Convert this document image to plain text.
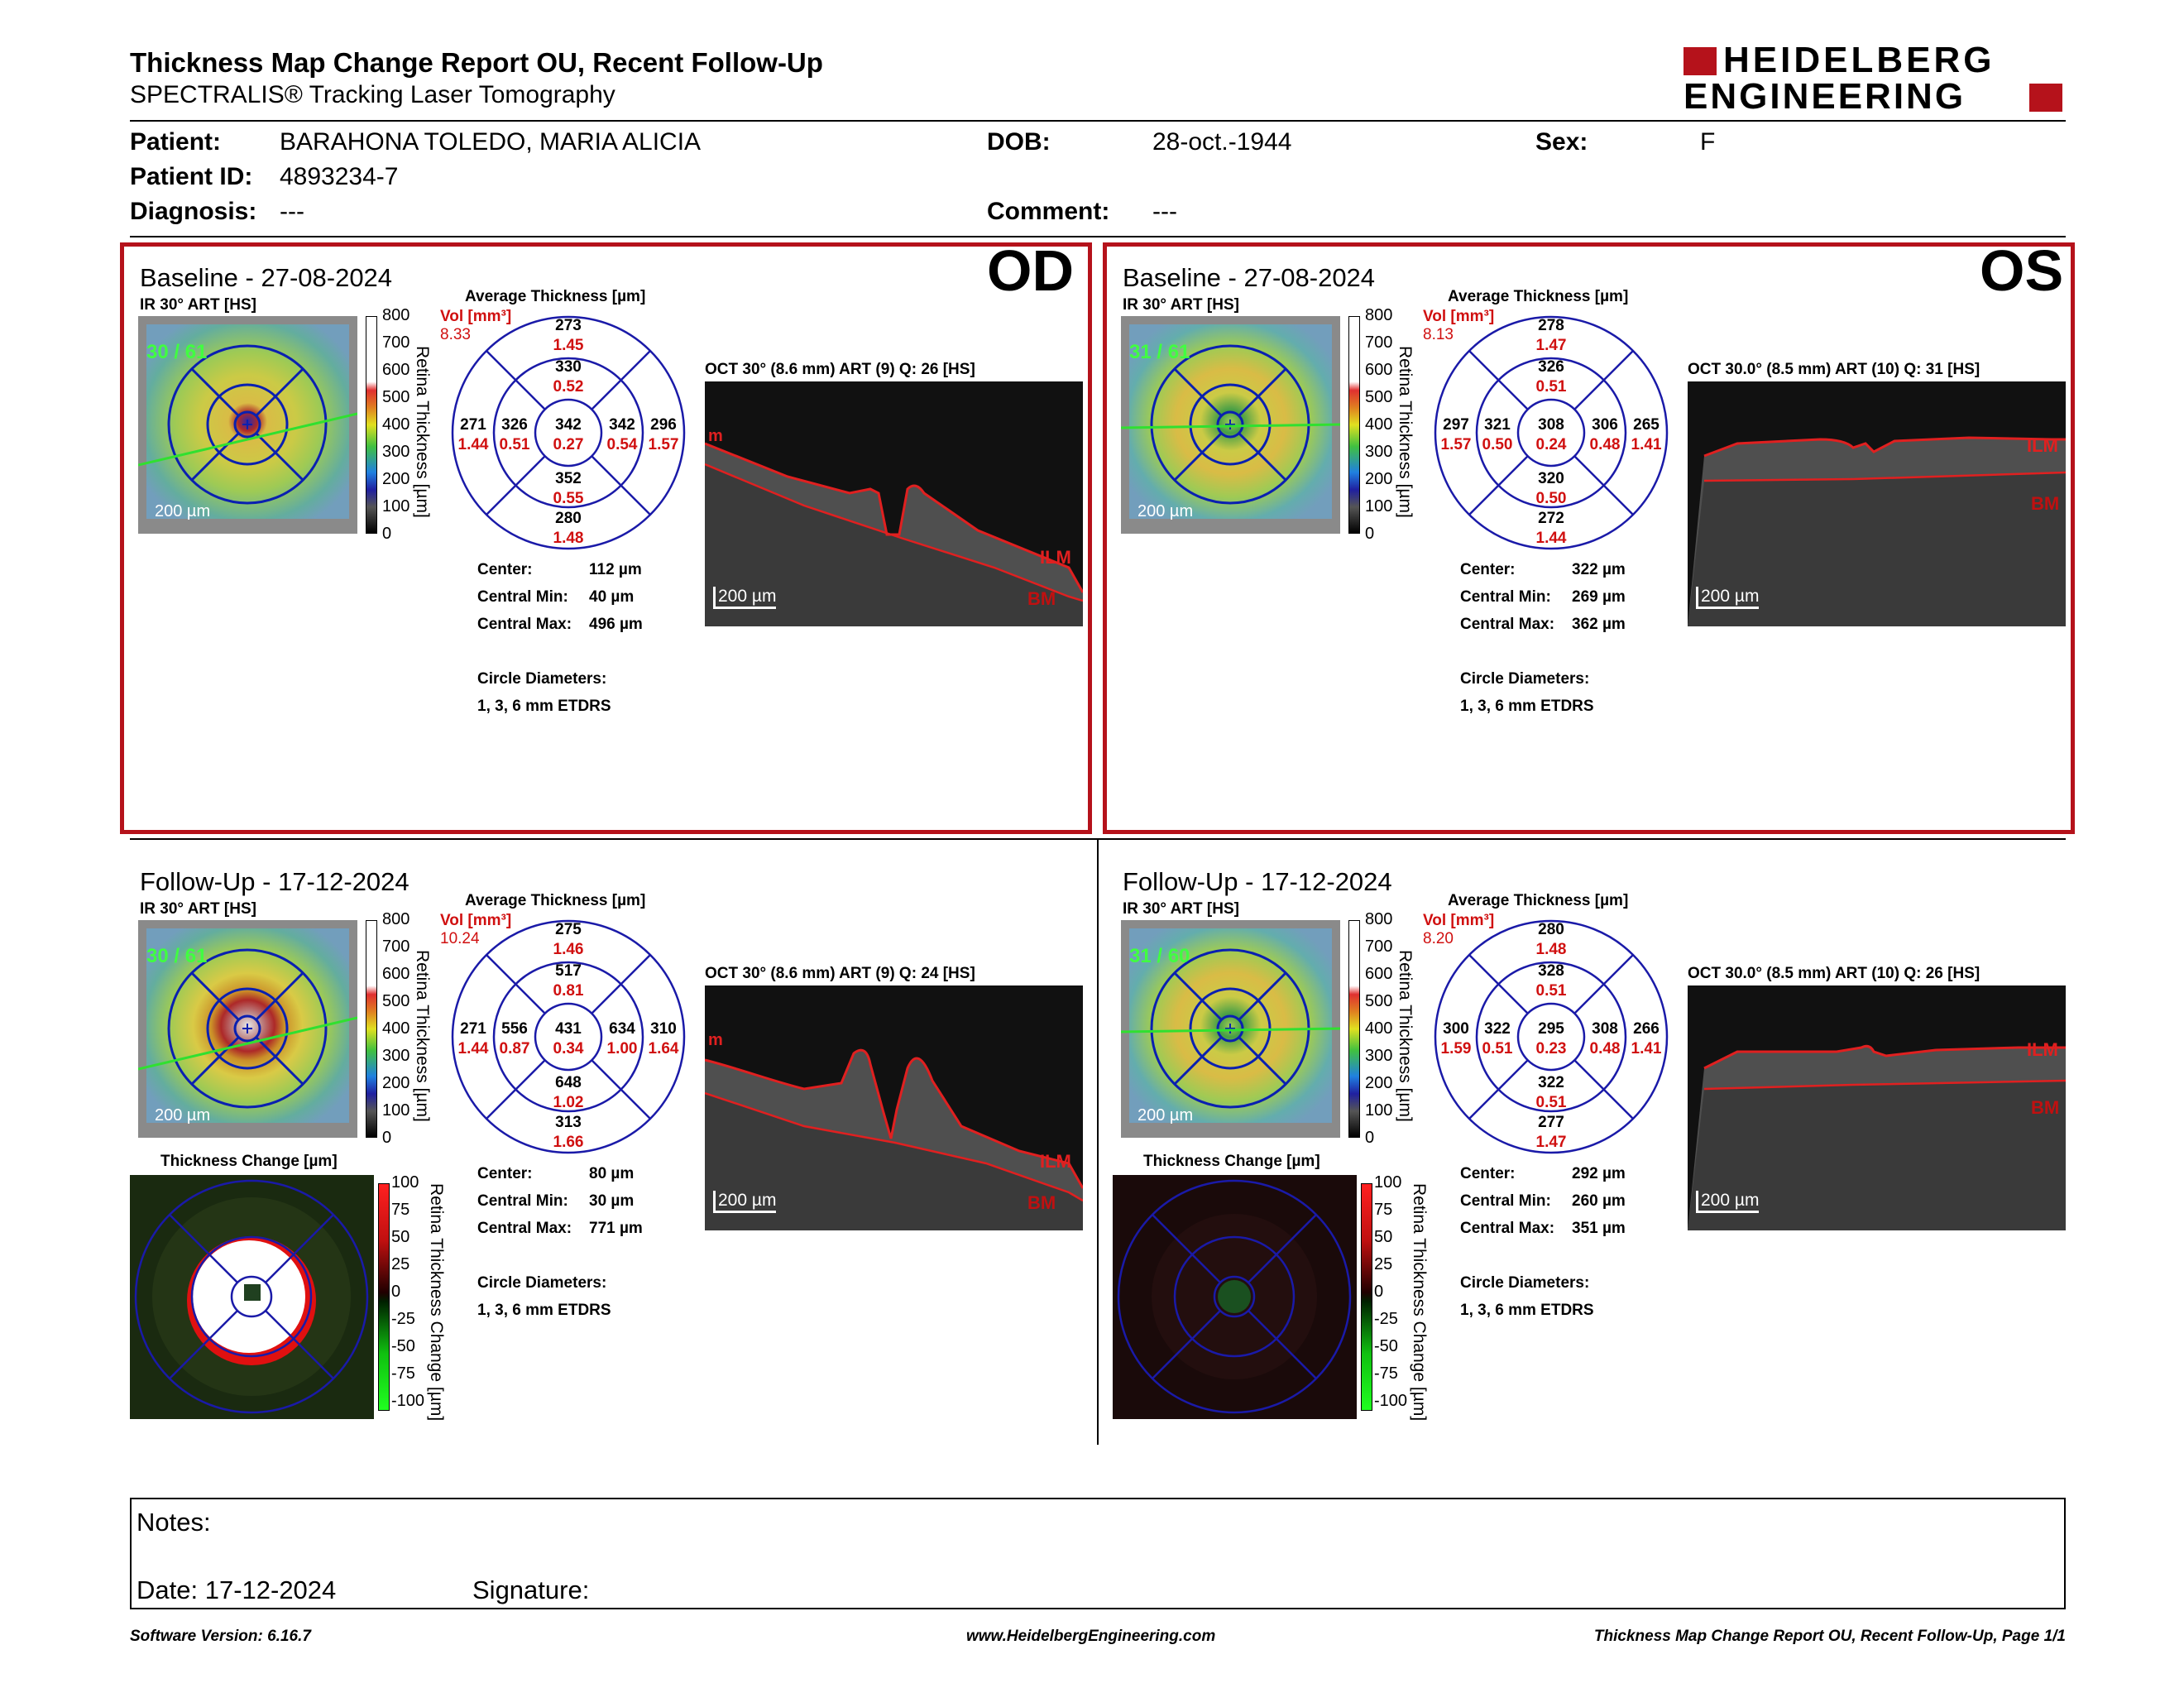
Thickness Map Change Report OU, Recent Follow-Up
SPECTRALIS® Tracking Laser Tomography
HEIDELBERG
ENGINEERING
Patient: BARAHONA TOLEDO, MARIA ALICIA
Patient ID: 4893234-7
Diagnosis: ---
DOB:	28-oct.-1944
Comment: ---
Sex:	F
OD	OS
Baseline - 27-08-2024
IR 30° ART [HS]
30 / 61
200 µm
800
700
600
500
400
300
200
100
0
Retina Thickness [µm]
Average Thickness [µm]
Vol [mm³]
8.33
273
1.45
330
0.52
342
0.27
352
0.55
280
1.48
271
1.44
326
0.51
342
0.54
296
1.57
Center:	112 µm
Central Min: 40 µm
Central Max: 496 µm
Circle Diameters:
1, 3, 6 mm ETDRS
OCT 30° (8.6 mm) ART (9) Q: 26 [HS]
m
ILM
BM
200 µm
Baseline - 27-08-2024
IR 30° ART [HS]
31 / 61
200 µm
800
700
600
500
400
300
200
100
0
Retina Thickness [µm]
Average Thickness [µm]
Vol [mm³]
8.13
278
1.47
326
0.51
308
0.24
320
0.50
272
1.44
297
1.57
321
0.50
306
0.48
265
1.41
Center:	322 µm
Central Min: 269 µm
Central Max: 362 µm
Circle Diameters:
1, 3, 6 mm ETDRS
OCT 30.0° (8.5 mm) ART (10) Q: 31 [HS]
ILM
BM
200 µm
Follow-Up - 17-12-2024
IR 30° ART [HS]
30 / 61
200 µm
800
700
600
500
400
300
200
100
0
Retina Thickness [µm]
Average Thickness [µm]
Vol [mm³]
10.24
275
1.46
517
0.81
431
0.34
648
1.02
313
1.66
271
1.44
556
0.87
634
1.00
310
1.64
Center:	80 µm
Central Min: 30 µm
Central Max: 771 µm
Circle Diameters:
1, 3, 6 mm ETDRS
OCT 30° (8.6 mm) ART (9) Q: 24 [HS]
m
ILM
BM
200 µm
Thickness Change [µm]
100
75
50
25
0
-25
-50
-75
-100 Retina Thickness Change [µm]
Follow-Up - 17-12-2024
IR 30° ART [HS]
31 / 60
200 µm
800
700
600
500
400
300
200
100
0
Retina Thickness [µm]
Average Thickness [µm]
Vol [mm³]
8.20
280
1.48
328
0.51
295
0.23
322
0.51
277
1.47
300
1.59
322
0.51
308
0.48
266
1.41
Center:	292 µm
Central Min: 260 µm
Central Max: 351 µm
Circle Diameters:
1, 3, 6 mm ETDRS
OCT 30.0° (8.5 mm) ART (10) Q: 26 [HS]
ILM
BM
200 µm
Thickness Change [µm]
100
75
50
25
0
-25
-50
-75
-100 Retina Thickness Change [µm]
Notes:
Date: 17-12-2024	Signature:
Software Version: 6.16.7	www.HeidelbergEngineering.com	Thickness Map Change Report OU, Recent Follow-Up, Page 1/1
